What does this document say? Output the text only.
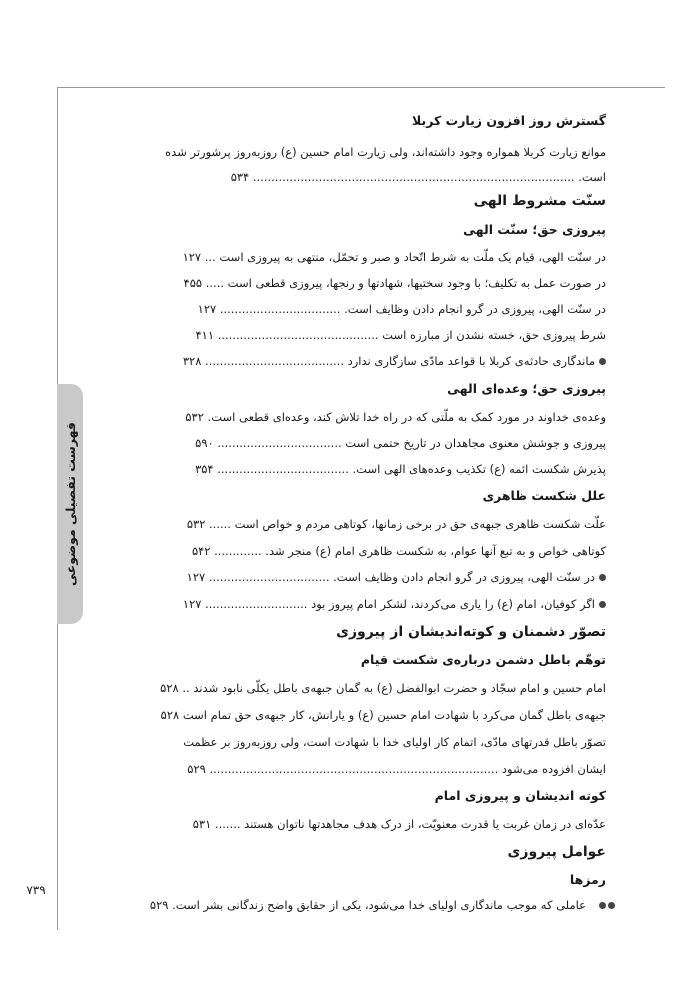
فهرست تفصیلی موضوعی
۷۳۹
گسترش روز افزون زیارت کربلا
موانع زیارت کربلا همواره وجود داشته‌اند، ولی زیارت امام حسین (ع) روزبه‌روز پرشورتر شده
است. ........................................................................................ ۵۳۴
سنّت مشروط الهی
پیروزی حق؛ سنّت الهی
در سنّت الهی، قیام یک ملّت به شرط اتّحاد و صبر و تحمّل، منتهی به پیروزی است ... ۱۲۷
در صورت عمل به تکلیف؛ با وجود سختیها، شهادتها و رنجها، پیروزی قطعی است ..... ۴۵۵
در سنّت الهی، پیروزی در گرو انجام دادن وظایف است. ................................. ۱۲۷
شرط پیروزی حق، خسته نشدن از مبارزه است ............................................ ۴۱۱
ماندگاری حادثه‌ی کربلا با قواعد مادّی سازگاری ندارد ...................................... ۳۲۸
پیروزی حق؛ وعده‌ای الهی
وعده‌ی خداوند در مورد کمک به ملّتی که در راه خدا تلاش کند، وعده‌ای قطعی است. ۵۳۲
پیروزی و جوشش معنوی مجاهدان در تاریخ حتمی است .................................. ۵۹۰
پذیرش شکست ائمه (ع) تکذیب وعده‌های الهی است. .................................... ۳۵۴
علل شکست ظاهری
علّت شکست ظاهری جبهه‌ی حق در برخی زمانها، کوتاهی مردم و خواص است ...... ۵۳۲
کوتاهی خواص و به تبع آنها عوام، به شکست ظاهری امام (ع) منجر شد. ............. ۵۴۲
در سنّت الهی، پیروزی در گرو انجام دادن وظایف است. ................................. ۱۲۷
اگر کوفیان، امام (ع) را یاری می‌کردند، لشکر امام پیروز بود ............................ ۱۲۷
تصوّر دشمنان و کوته‌اندیشان از پیروزی
توهّم باطل دشمن درباره‌ی شکست قیام
امام حسین و امام سجّاد و حضرت ابوالفضل (ع) به گمان جبهه‌ی باطل یکلّی نابود شدند .. ۵۲۸
جبهه‌ی باطل گمان می‌کرد با شهادت امام حسین (ع) و یارانش، کار جبهه‌ی حق تمام است ۵۲۸
تصوّر باطل قدرتهای مادّی، اتمام کار اولیای خدا با شهادت است، ولی روزبه‌روز بر عظمت
ایشان افزوده می‌شود ............................................................................... ۵۲۹
کوته اندیشان و پیروزی امام
عدّه‌ای در زمان غربت یا قدرت معنویّت، از درک هدف مجاهدتها ناتوان هستند ....... ۵۳۱
عوامل پیروزی
رمزها
عاملی که موجب ماندگاری اولیای خدا می‌شود، یکی از حقایق واضح زندگانی بشر است. ۵۲۹
